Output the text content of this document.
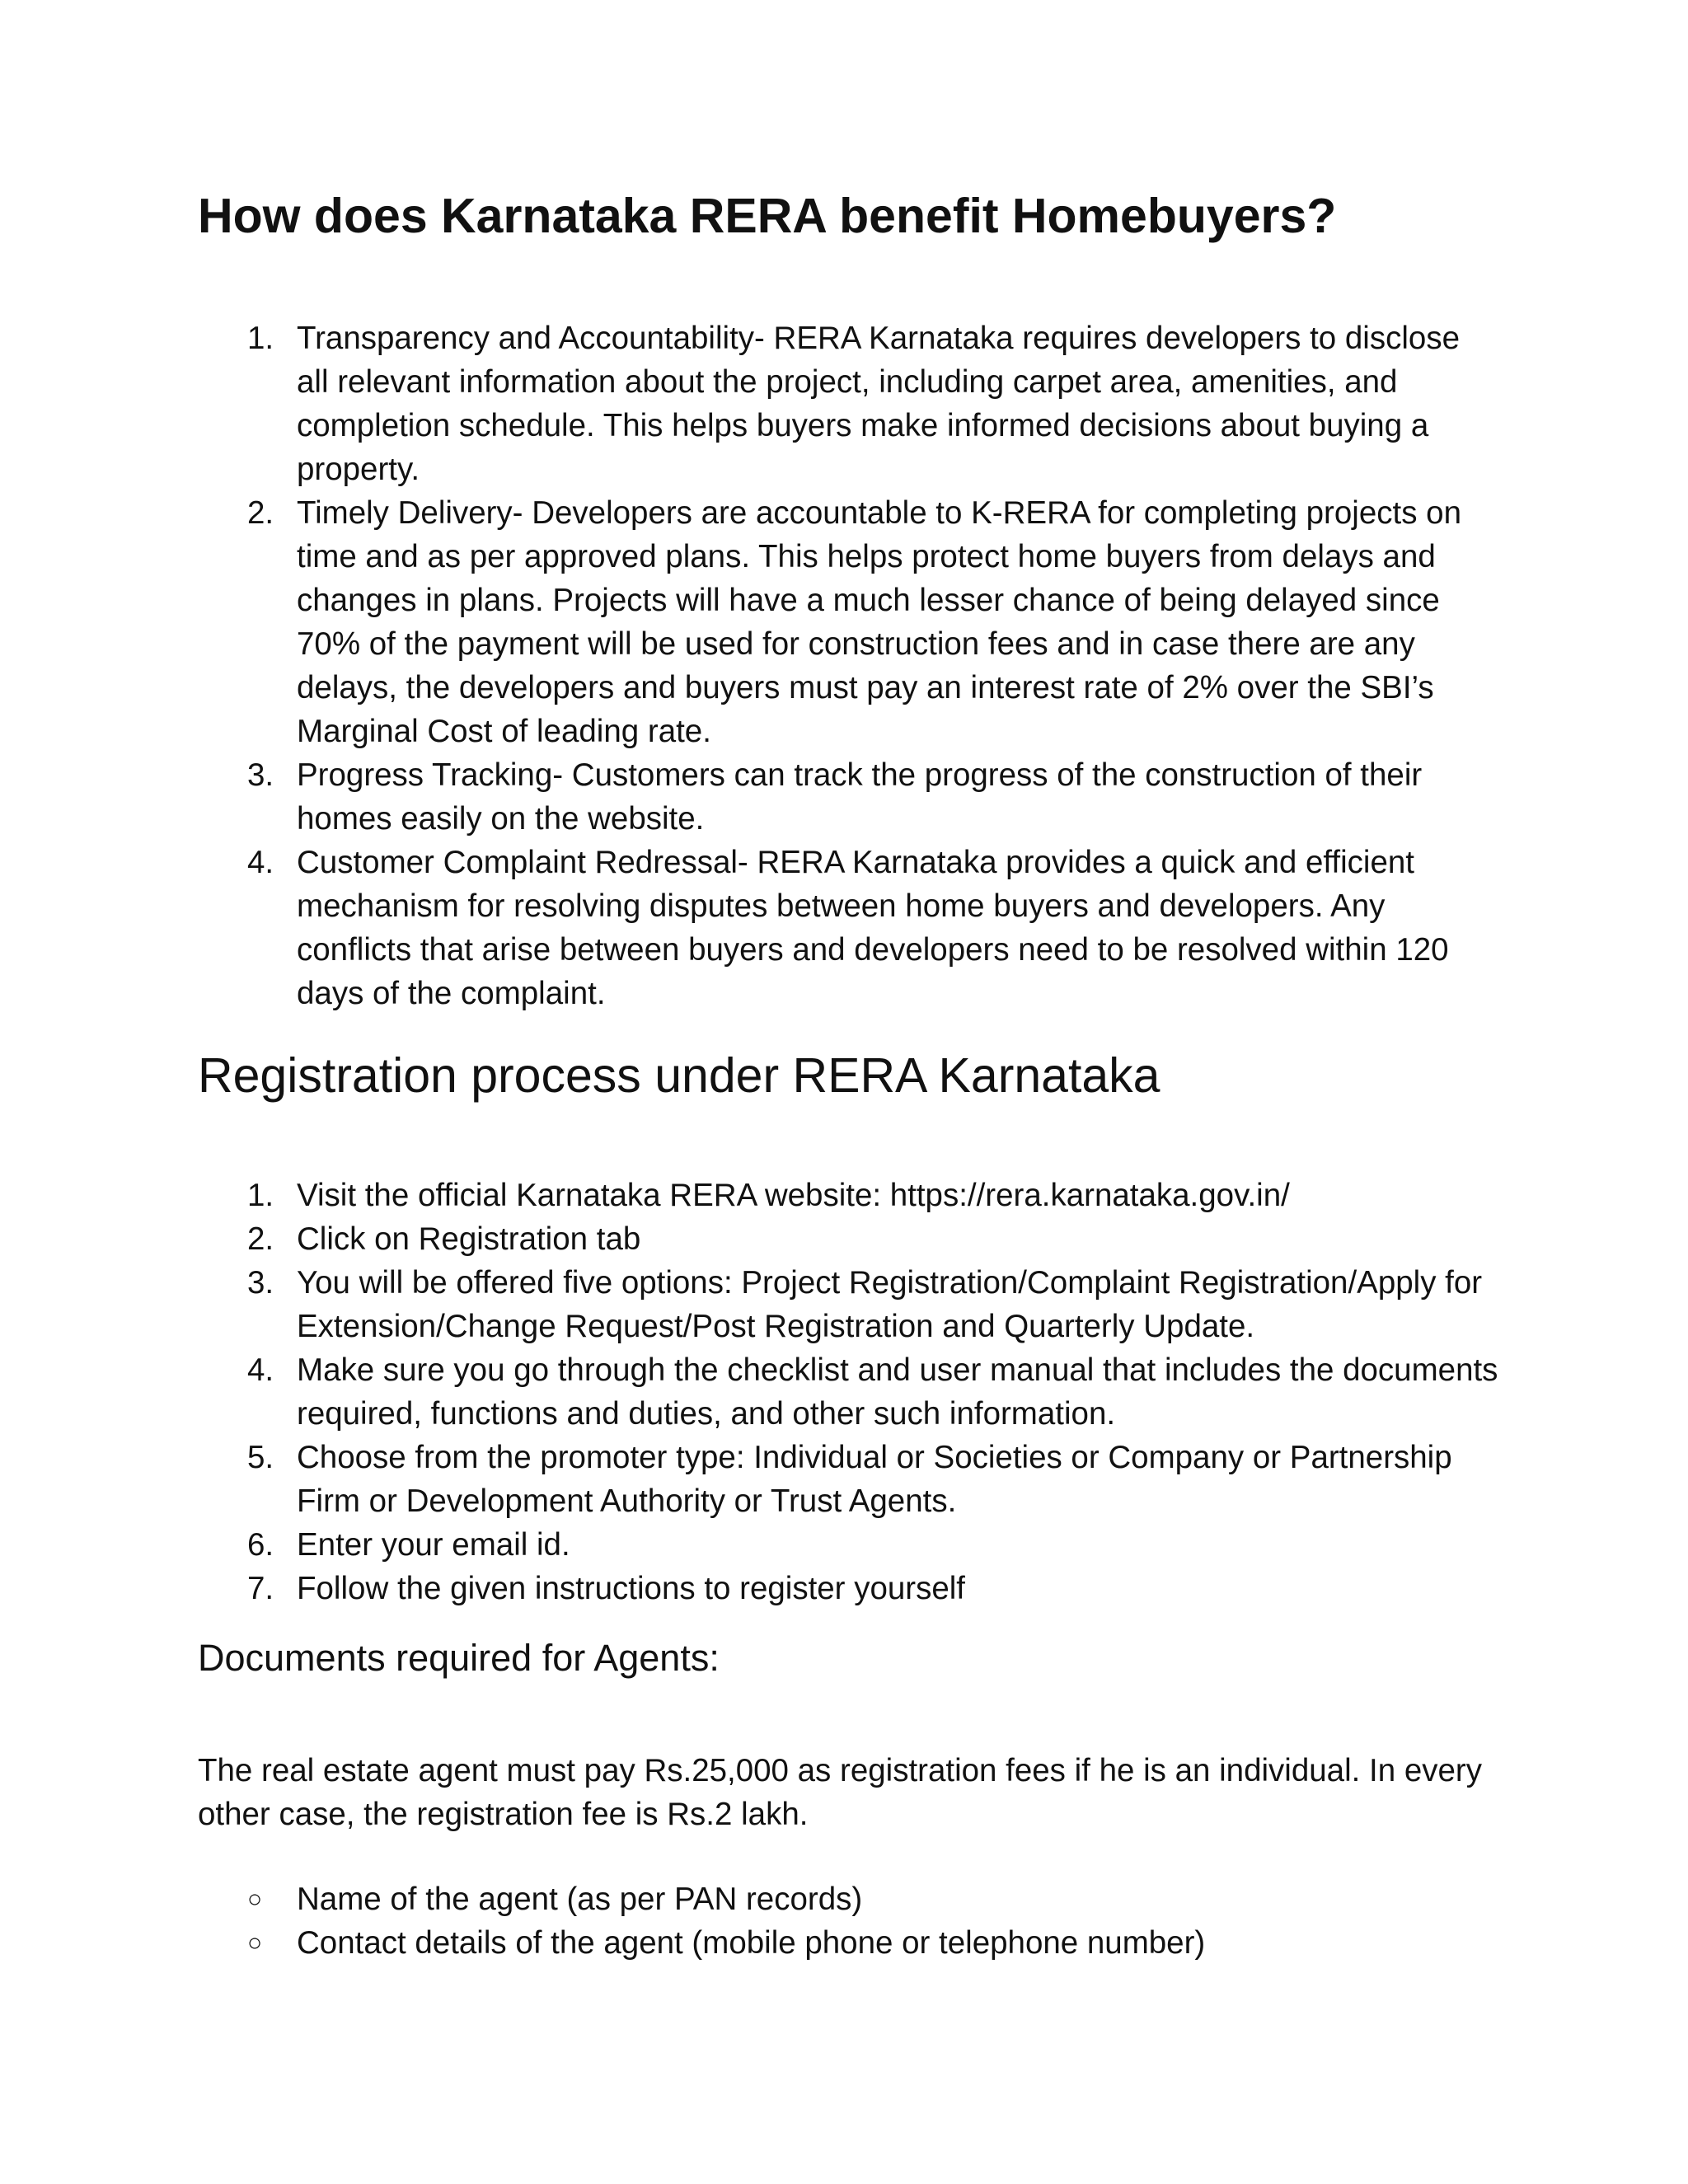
How does Karnataka RERA benefit Homebuyers?
1. Transparency and Accountability- RERA Karnataka requires developers to disclose all relevant information about the project, including carpet area, amenities, and completion schedule. This helps buyers make informed decisions about buying a property.
2. Timely Delivery- Developers are accountable to K-RERA for completing projects on time and as per approved plans. This helps protect home buyers from delays and changes in plans. Projects will have a much lesser chance of being delayed since 70% of the payment will be used for construction fees and in case there are any delays, the developers and buyers must pay an interest rate of 2% over the SBI’s Marginal Cost of leading rate.
3. Progress Tracking- Customers can track the progress of the construction of their homes easily on the website.
4. Customer Complaint Redressal- RERA Karnataka provides a quick and efficient mechanism for resolving disputes between home buyers and developers. Any conflicts that arise between buyers and developers need to be resolved within 120 days of the complaint.
Registration process under RERA Karnataka
1. Visit the official Karnataka RERA website: https://rera.karnataka.gov.in/
2. Click on Registration tab
3. You will be offered five options: Project Registration/Complaint Registration/Apply for Extension/Change Request/Post Registration and Quarterly Update.
4. Make sure you go through the checklist and user manual that includes the documents required, functions and duties, and other such information.
5. Choose from the promoter type: Individual or Societies or Company or Partnership Firm or Development Authority or Trust Agents.
6. Enter your email id.
7. Follow the given instructions to register yourself
Documents required for Agents:

The real estate agent must pay Rs.25,000 as registration fees if he is an individual. In every other case, the registration fee is Rs.2 lakh.

○	Name of the agent (as per PAN records)
○	Contact details of the agent (mobile phone or telephone number)
